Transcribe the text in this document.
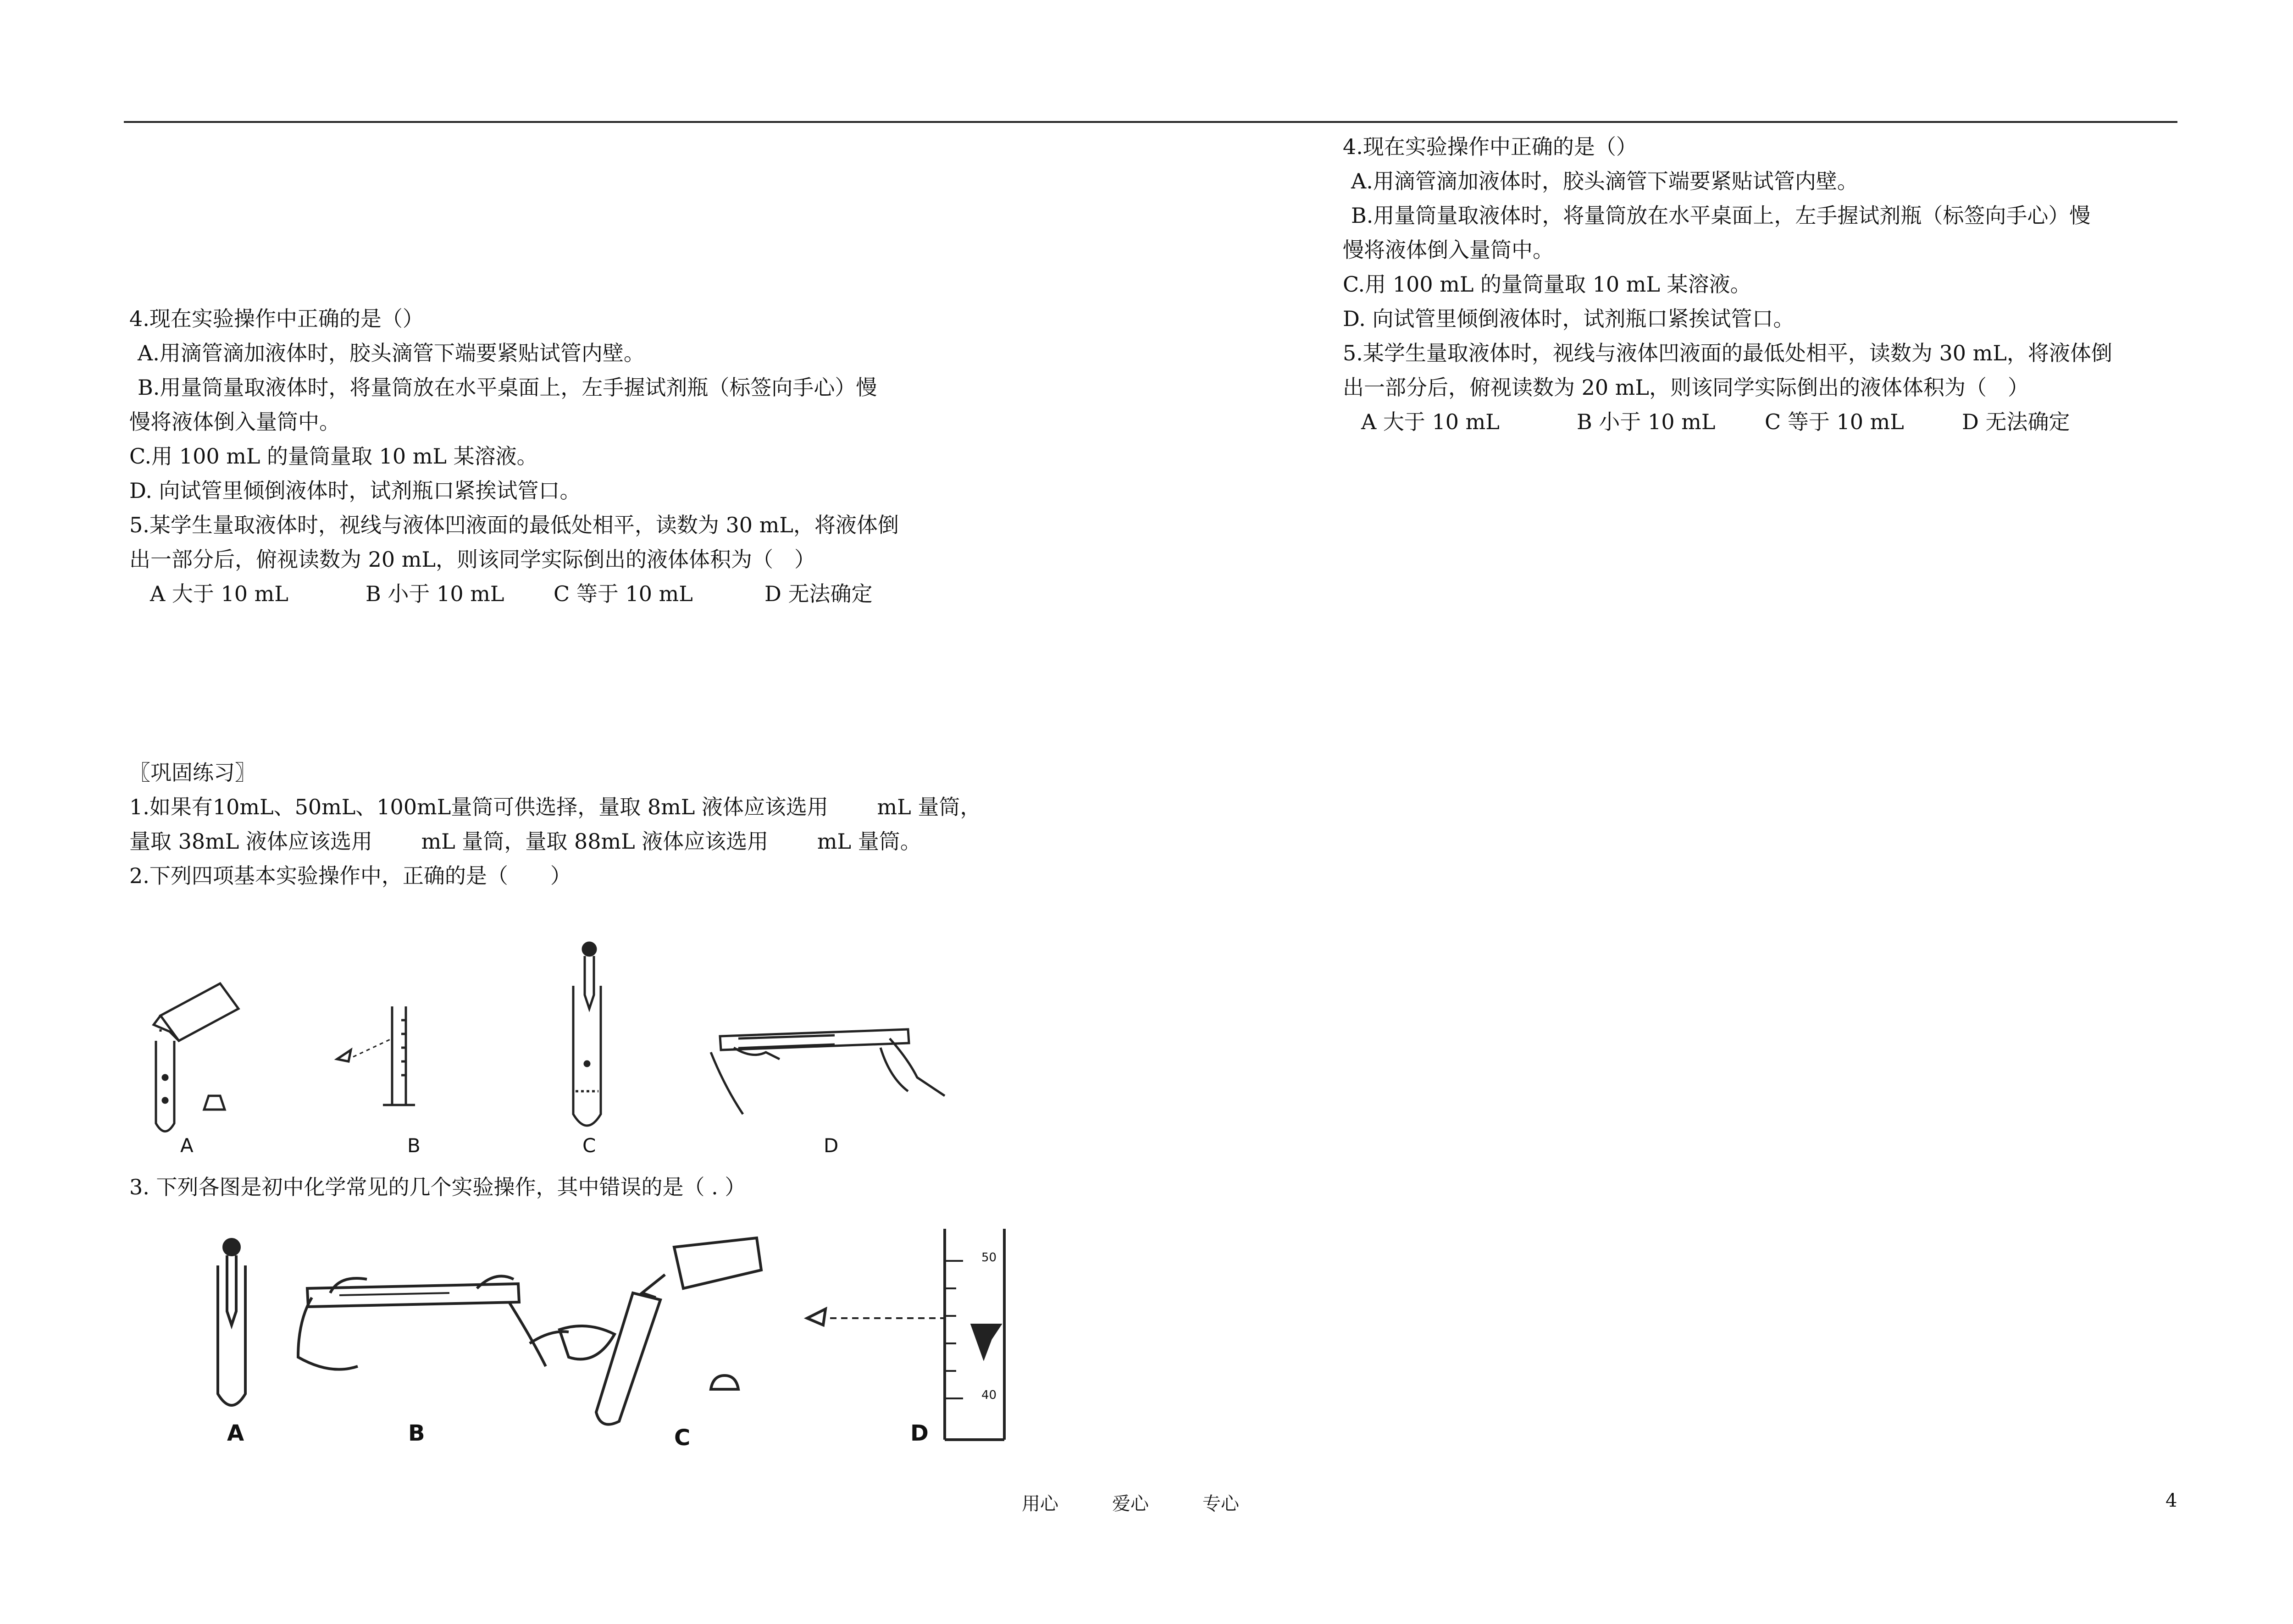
4.现在实验操作中正确的是（）

A.用滴管滴加液体时，胶头滴管下端要紧贴试管内壁。

B.用量筒量取液体时，将量筒放在水平桌面上，左手握试剂瓶（标签向手心）慢

慢将液体倒入量筒中。

C.用 100 mL 的量筒量取 10 mL 某溶液。

D. 向试管里倾倒液体时，试剂瓶口紧挨试管口。

5.某学生量取液体时，视线与液体凹液面的最低处相平，读数为 30 mL，将液体倒

出一部分后，俯视读数为 20 mL，则该同学实际倒出的液体体积为（　）

A 大于 10 mL	B 小于 10 mL C 等于 10 mL	D 无法确定

4.现在实验操作中正确的是（）

A.用滴管滴加液体时，胶头滴管下端要紧贴试管内壁。

B.用量筒量取液体时，将量筒放在水平桌面上，左手握试剂瓶（标签向手心）慢

慢将液体倒入量筒中。

C.用 100 mL 的量筒量取 10 mL 某溶液。

D. 向试管里倾倒液体时，试剂瓶口紧挨试管口。

5.某学生量取液体时，视线与液体凹液面的最低处相平，读数为 30 mL，将液体倒

出一部分后，俯视读数为 20 mL，则该同学实际倒出的液体体积为（　）

A 大于 10 mL	B 小于 10 mL C 等于 10 mL	D 无法确定

〖巩固练习〗

1.如果有10mL、50mL、100mL量筒可供选择，量取 8mL 液体应该选用　　 mL 量筒，

量取 38mL 液体应该选用　　 mL 量筒，量取 88mL 液体应该选用　　 mL 量筒。

2.下列四项基本实验操作中，正确的是（　　）

A	B	C	D

3. 下列各图是初中化学常见的几个实验操作，其中错误的是（ . ）

50
40
A	B	C	D
用心	爱心	专心	4
